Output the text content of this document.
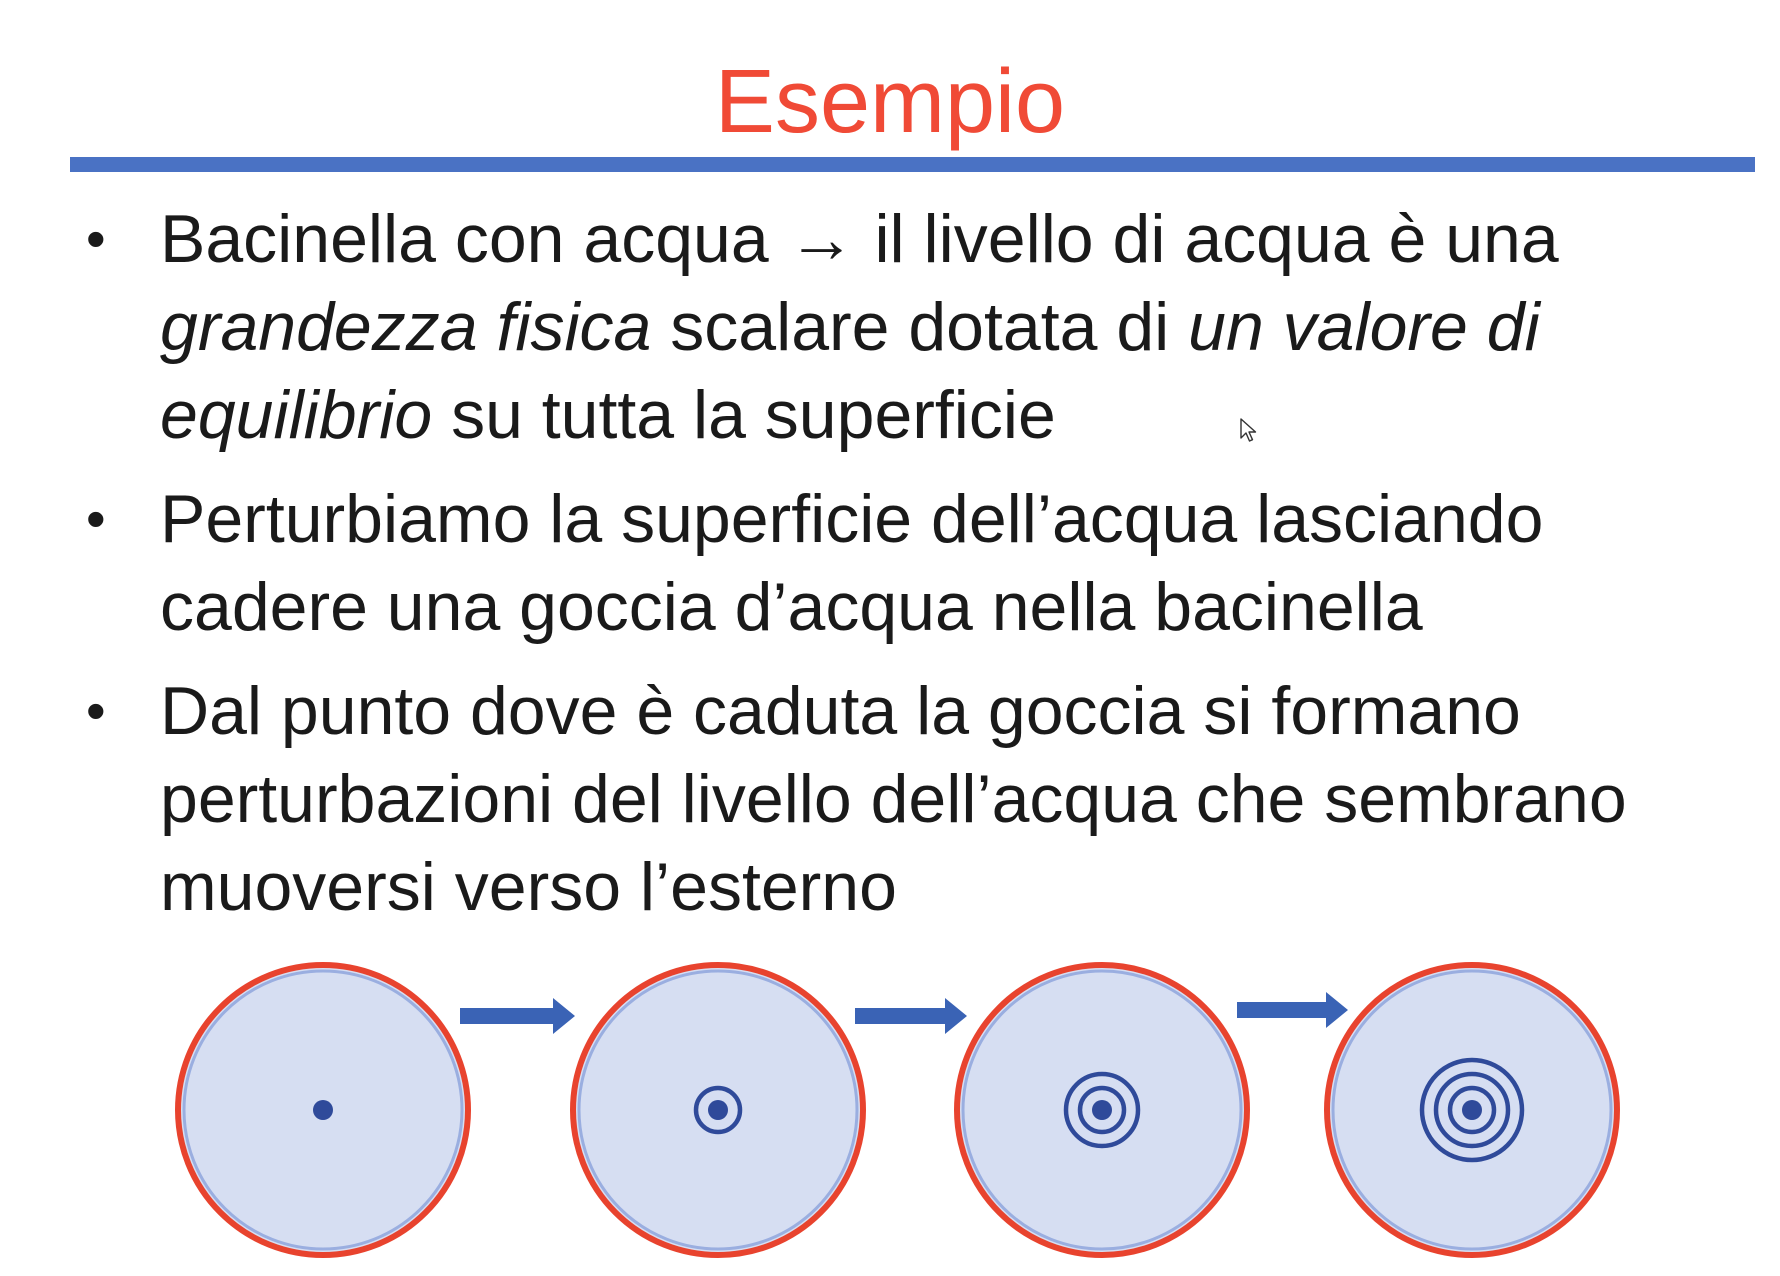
Esempio
• Bacinella con acqua → il livello di acqua è una
grandezza fisica scalare dotata di un valore di
equilibrio su tutta la superficie
• Perturbiamo la superficie dell’acqua lasciando
cadere una goccia d’acqua nella bacinella
• Dal punto dove è caduta la goccia si formano
perturbazioni del livello dell’acqua che sembrano
muoversi verso l’esterno
